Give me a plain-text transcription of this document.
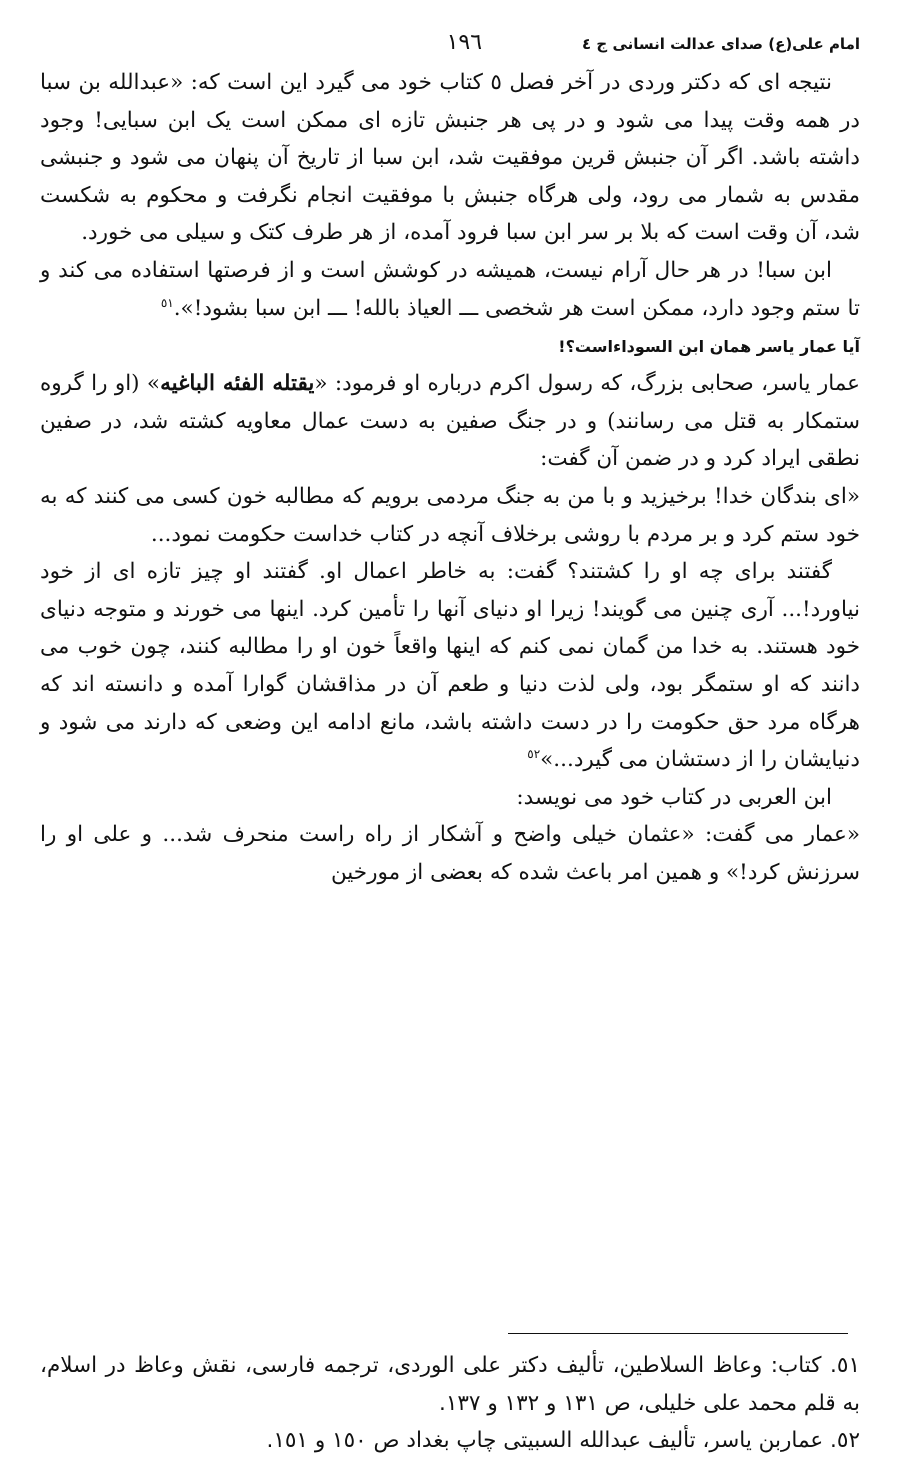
امام علی(ع) صدای عدالت انسانی ج ٤
١٩٦

نتیجه ای که دکتر وردی در آخر فصل ٥ کتاب خود می گیرد این است که: «عبدالله بن سبا در همه وقت پیدا می شود و در پی هر جنبش تازه ای ممکن است یک ابن سبایی! وجود داشته باشد. اگر آن جنبش قرین موفقیت شد، ابن سبا از تاریخ آن پنهان می شود و جنبشی مقدس به شمار می رود، ولی هرگاه جنبش با موفقیت انجام نگرفت و محکوم به شکست شد، آن وقت است که بلا بر سر ابن سبا فرود آمده، از هر طرف کتک و سیلی می خورد.

ابن سبا! در هر حال آرام نیست، همیشه در کوشش است و از فرصتها استفاده می کند و تا ستم وجود دارد، ممکن است هر شخصی ـــ العیاذ بالله! ـــ ابن سبا بشود!».$^{٥١}$

آیا عمار یاسر همان ابن السوداءاست؟!

عمار یاسر، صحابی بزرگ، که رسول اکرم درباره او فرمود: «یقتله الفئه الباغیه» (او را گروه ستمکار به قتل می رسانند) و در جنگ صفین به دست عمال معاویه کشته شد، در صفین نطقی ایراد کرد و در ضمن آن گفت:

«ای بندگان خدا! برخیزید و با من به جنگ مردمی برویم که مطالبه خون کسی می کنند که به خود ستم کرد و بر مردم با روشی برخلاف آنچه در کتاب خداست حکومت نمود...

گفتند برای چه او را کشتند؟ گفت: به خاطر اعمال او. گفتند او چیز تازه ای از خود نیاورد!... آری چنین می گویند! زیرا او دنیای آنها را تأمین کرد. اینها می خورند و متوجه دنیای خود هستند. به خدا من گمان نمی کنم که اینها واقعاً خون او را مطالبه کنند، چون خوب می دانند که او ستمگر بود، ولی لذت دنیا و طعم آن در مذاقشان گوارا آمده و دانسته اند که هرگاه مرد حق حکومت را در دست داشته باشد، مانع ادامه این وضعی که دارند می شود و دنیایشان را از دستشان می گیرد...»$^{٥٢}$

ابن العربی در کتاب خود می نویسد:

«عمار می گفت: «عثمان خیلی واضح و آشکار از راه راست منحرف شد... و علی او را سرزنش کرد!» و همین امر باعث شده که بعضی از مورخین

٥١. کتاب: وعاظ السلاطین، تألیف دکتر علی الوردی، ترجمه فارسی، نقش وعاظ در اسلام، به قلم محمد علی خلیلی، ص ١٣١ و ١٣٢ و ١٣٧.

٥٢. عماربن یاسر، تألیف عبدالله السبیتی چاپ بغداد ص ١٥٠ و ١٥١.
